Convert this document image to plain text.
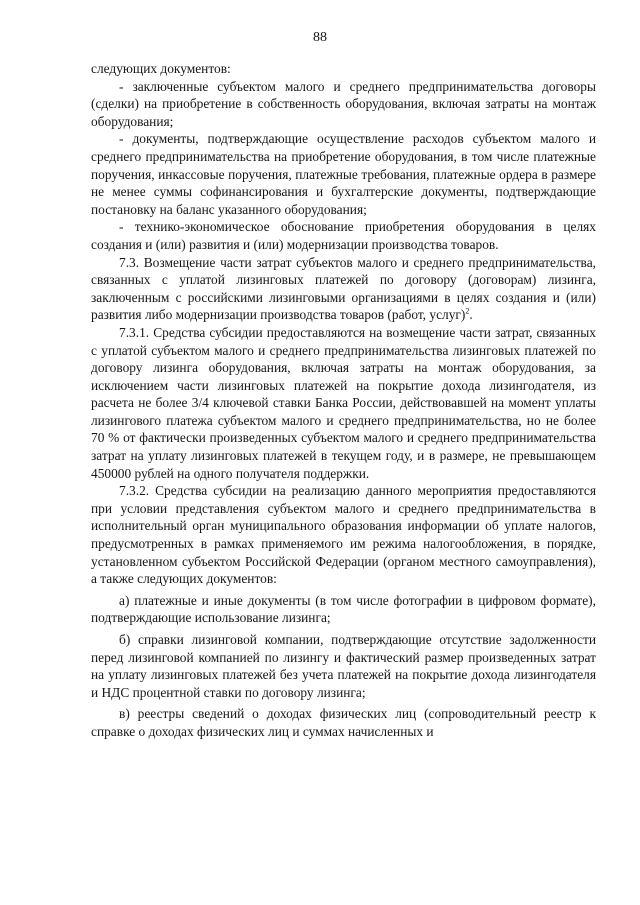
88

следующих документов:

- заключенные субъектом малого и среднего предпринимательства договоры (сделки) на приобретение в собственность оборудования, включая затраты на монтаж оборудования;

- документы, подтверждающие осуществление расходов субъектом малого и среднего предпринимательства на приобретение оборудования, в том числе платежные поручения, инкассовые поручения, платежные требования, платежные ордера в размере не менее суммы софинансирования и бухгалтерские документы, подтверждающие постановку на баланс указанного оборудования;

- технико-экономическое обоснование приобретения оборудования в целях создания и (или) развития и (или) модернизации производства товаров.

7.3. Возмещение части затрат субъектов малого и среднего предпринимательства, связанных с уплатой лизинговых платежей по договору (договорам) лизинга, заключенным с российскими лизинговыми организациями в целях создания и (или) развития либо модернизации производства товаров (работ, услуг)$^2$.

7.3.1. Средства субсидии предоставляются на возмещение части затрат, связанных с уплатой субъектом малого и среднего предпринимательства лизинговых платежей по договору лизинга оборудования, включая затраты на монтаж оборудования, за исключением части лизинговых платежей на покрытие дохода лизингодателя, из расчета не более 3/4 ключевой ставки Банка России, действовавшей на момент уплаты лизингового платежа субъектом малого и среднего предпринимательства, но не более 70 % от фактически произведенных субъектом малого и среднего предпринимательства затрат на уплату лизинговых платежей в текущем году, и в размере, не превышающем 450000 рублей на одного получателя поддержки.

7.3.2. Средства субсидии на реализацию данного мероприятия предоставляются при условии представления субъектом малого и среднего предпринимательства в исполнительный орган муниципального образования информации об уплате налогов, предусмотренных в рамках применяемого им режима налогообложения, в порядке, установленном субъектом Российской Федерации (органом местного самоуправления), а также следующих документов:

а) платежные и иные документы (в том числе фотографии в цифровом формате), подтверждающие использование лизинга;

б) справки лизинговой компании, подтверждающие отсутствие задолженности перед лизинговой компанией по лизингу и фактический размер произведенных затрат на уплату лизинговых платежей без учета платежей на покрытие дохода лизингодателя и НДС процентной ставки по договору лизинга;

в) реестры сведений о доходах физических лиц (сопроводительный реестр к справке о доходах физических лиц и суммах начисленных и
